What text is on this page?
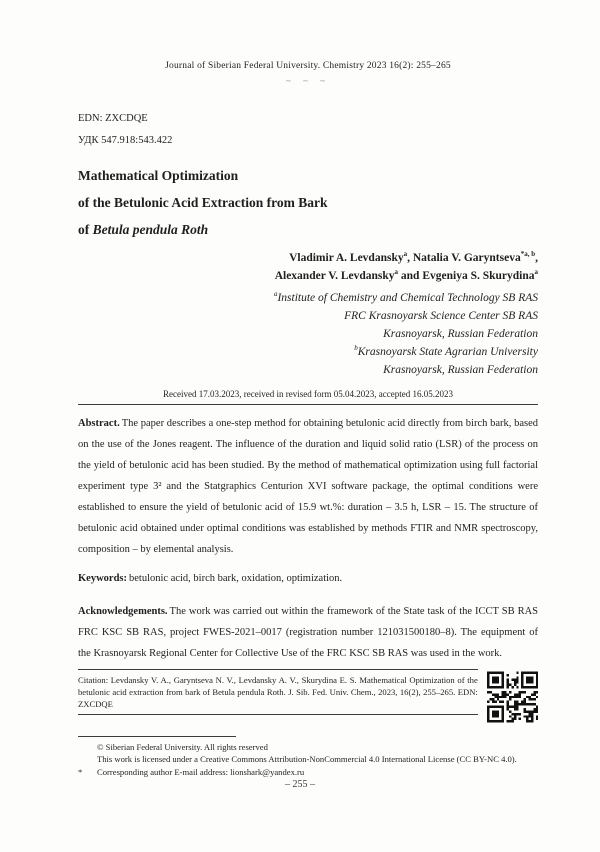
Journal of Siberian Federal University. Chemistry 2023 16(2): 255–265
~ ~ ~
EDN: ZXCDQE
УДК 547.918:543.422
Mathematical Optimization
of the Betulonic Acid Extraction from Bark
of Betula pendula Roth
Vladimir A. Levdansky$^a$, Natalia V. Garyntseva$^{*a, b}$,
Alexander V. Levdansky$^a$ and Evgeniya S. Skurydina$^a$
$^a$Institute of Chemistry and Chemical Technology SB RAS
FRC Krasnoyarsk Science Center SB RAS
Krasnoyarsk, Russian Federation
$^b$Krasnoyarsk State Agrarian University
Krasnoyarsk, Russian Federation
Received 17.03.2023, received in revised form 05.04.2023, accepted 16.05.2023

Abstract. The paper describes a one-step method for obtaining betulonic acid directly from birch bark, based on the use of the Jones reagent. The influence of the duration and liquid solid ratio (LSR) of the process on the yield of betulonic acid has been studied. By the method of mathematical optimization using full factorial experiment type 3² and the Statgraphics Centurion XVI software package, the optimal conditions were established to ensure the yield of betulonic acid of 15.9 wt.%: duration – 3.5 h, LSR – 15. The structure of betulonic acid obtained under optimal conditions was established by methods FTIR and NMR spectroscopy, composition – by elemental analysis.

Keywords: betulonic acid, birch bark, oxidation, optimization.

Acknowledgements. The work was carried out within the framework of the State task of the ICCT SB RAS FRC KSC SB RAS, project FWES-2021–0017 (registration number 121031500180–8). The equipment of the Krasnoyarsk Regional Center for Collective Use of the FRC KSC SB RAS was used in the work.

Citation: Levdansky V. A., Garyntseva N. V., Levdansky A. V., Skurydina E. S. Mathematical Optimization of the betulonic acid extraction from bark of Betula pendula Roth. J. Sib. Fed. Univ. Chem., 2023, 16(2), 255–265. EDN: ZXCDQE
© Siberian Federal University. All rights reserved
This work is licensed under a Creative Commons Attribution-NonCommercial 4.0 International License (CC BY-NC 4.0).
* Corresponding author E-mail address: lionshark@yandex.ru
– 255 –
